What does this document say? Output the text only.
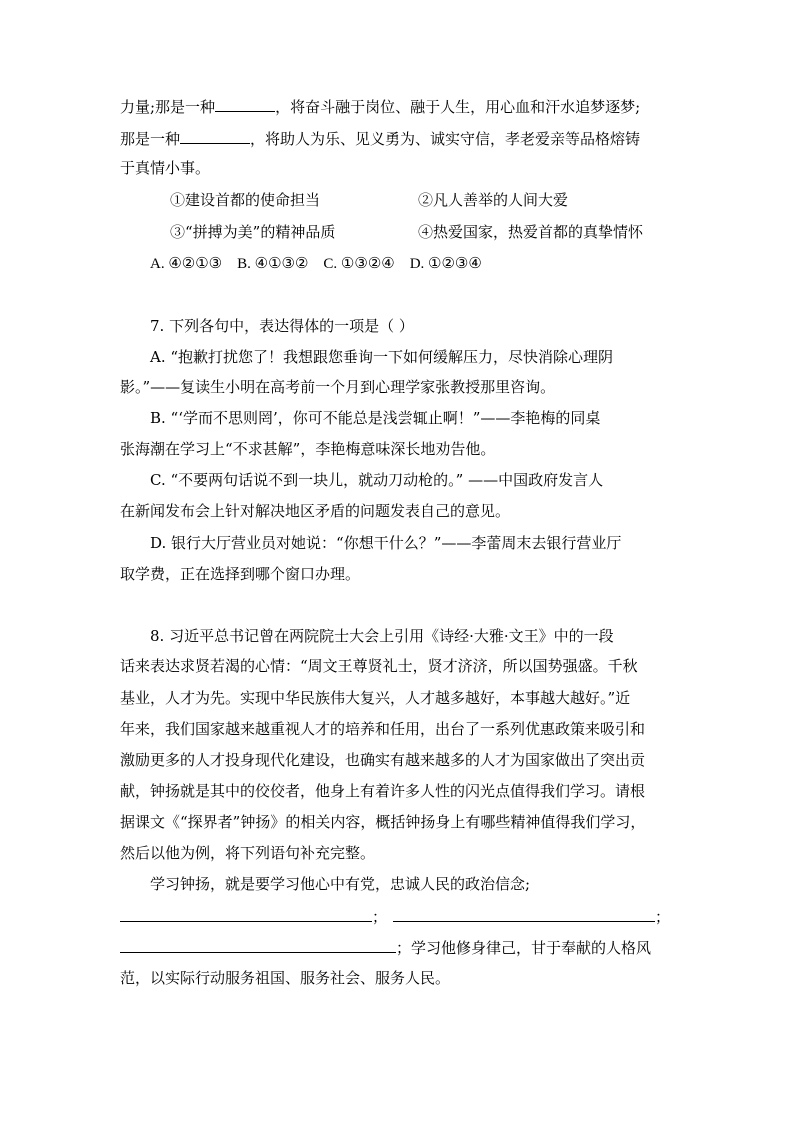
力量;那是一种	，将奋斗融于岗位、融于人生，用心血和汗水追梦逐梦;
那是一种	，将助人为乐、见义勇为、诚实守信，孝老爱亲等品格熔铸
于真情小事。
①建设首都的使命担当	②凡人善举的人间大爱
③“拼搏为美”的精神品质	④热爱国家，热爱首都的真挚情怀
A. ④②①③    B. ④①③②    C. ①③②④    D. ①②③④
7. 下列各句中，表达得体的一项是（ ）
A. “抱歉打扰您了！我想跟您垂询一下如何缓解压力，尽快消除心理阴
影。”——复读生小明在高考前一个月到心理学家张教授那里咨询。
B. “‘学而不思则罔’，你可不能总是浅尝辄止啊！”——李艳梅的同桌
张海潮在学习上“不求甚解”，李艳梅意味深长地劝告他。
C. “不要两句话说不到一块儿，就动刀动枪的。” ——中国政府发言人
在新闻发布会上针对解决地区矛盾的问题发表自己的意见。
D. 银行大厅营业员对她说：“你想干什么？”——李蕾周末去银行营业厅
取学费，正在选择到哪个窗口办理。
8. 习近平总书记曾在两院院士大会上引用《诗经·大雅·文王》中的一段
话来表达求贤若渴的心情：“周文王尊贤礼士，贤才济济，所以国势强盛。千秋
基业，人才为先。实现中华民族伟大复兴，人才越多越好，本事越大越好。”近
年来，我们国家越来越重视人才的培养和任用，出台了一系列优惠政策来吸引和
激励更多的人才投身现代化建设，也确实有越来越多的人才为国家做出了突出贡
献，钟扬就是其中的佼佼者，他身上有着许多人性的闪光点值得我们学习。请根
据课文《“探界者”钟扬》的相关内容，概括钟扬身上有哪些精神值得我们学习，
然后以他为例，将下列语句补充完整。
学习钟扬，就是要学习他心中有党，忠诚人民的政治信念;
；	；
；学习他修身律己，甘于奉献的人格风
范，以实际行动服务祖国、服务社会、服务人民。
